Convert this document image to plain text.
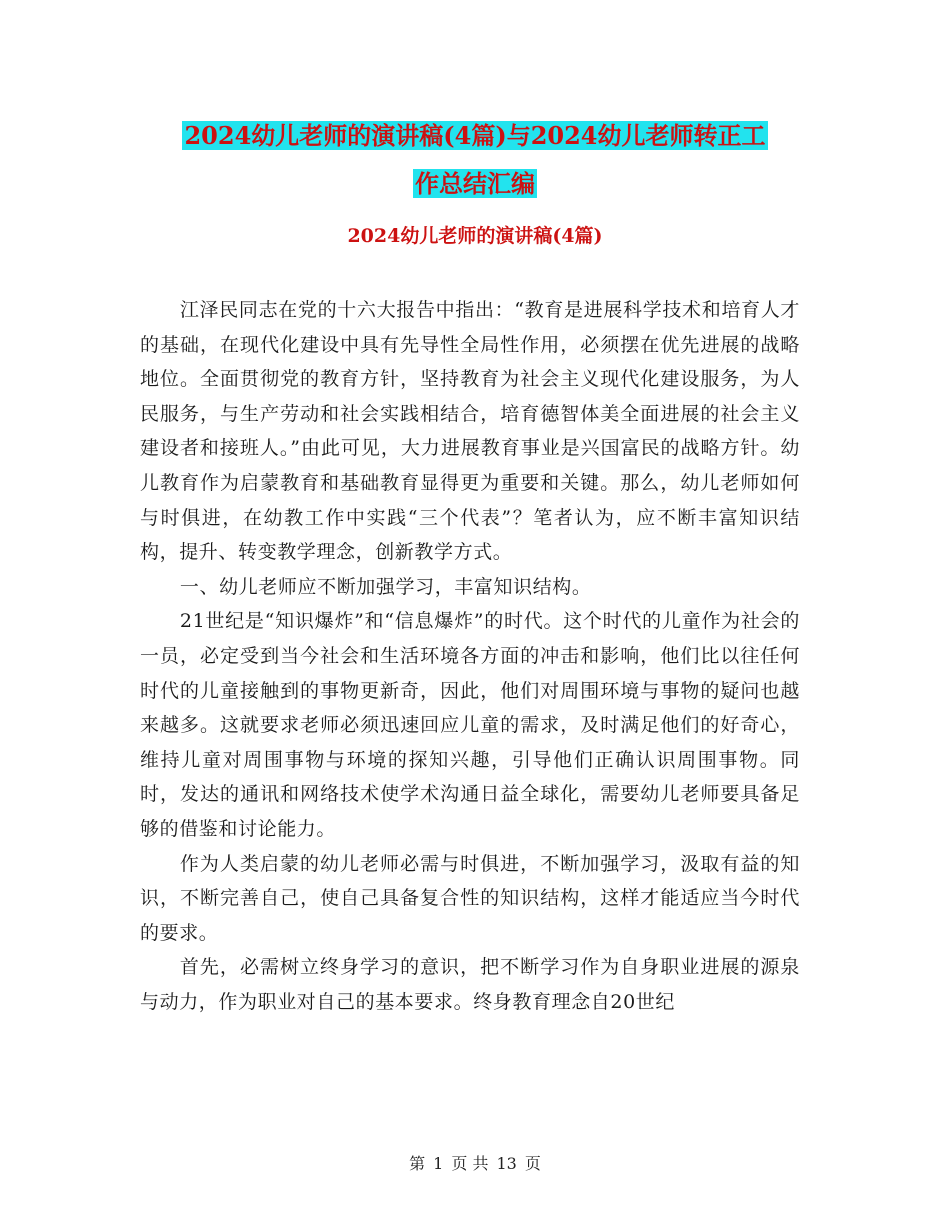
2024幼儿老师的演讲稿(4篇)与2024幼儿老师转正工
作总结汇编
2024幼儿老师的演讲稿(4篇)

江泽民同志在党的十六大报告中指出：“教育是进展科学技术和培育人才的基础，在现代化建设中具有先导性全局性作用，必须摆在优先进展的战略地位。全面贯彻党的教育方针，坚持教育为社会主义现代化建设服务，为人民服务，与生产劳动和社会实践相结合，培育德智体美全面进展的社会主义建设者和接班人。”由此可见，大力进展教育事业是兴国富民的战略方针。幼儿教育作为启蒙教育和基础教育显得更为重要和关键。那么，幼儿老师如何与时俱进，在幼教工作中实践“三个代表”？笔者认为，应不断丰富知识结构，提升、转变教学理念，创新教学方式。

一、幼儿老师应不断加强学习，丰富知识结构。

21世纪是“知识爆炸”和“信息爆炸”的时代。这个时代的儿童作为社会的一员，必定受到当今社会和生活环境各方面的冲击和影响，他们比以往任何时代的儿童接触到的事物更新奇，因此，他们对周围环境与事物的疑问也越来越多。这就要求老师必须迅速回应儿童的需求，及时满足他们的好奇心，维持儿童对周围事物与环境的探知兴趣，引导他们正确认识周围事物。同时，发达的通讯和网络技术使学术沟通日益全球化，需要幼儿老师要具备足够的借鉴和讨论能力。

作为人类启蒙的幼儿老师必需与时俱进，不断加强学习，汲取有益的知识，不断完善自己，使自己具备复合性的知识结构，这样才能适应当今时代的要求。

首先，必需树立终身学习的意识，把不断学习作为自身职业进展的源泉与动力，作为职业对自己的基本要求。终身教育理念自20世纪

第 1 页 共 13 页
